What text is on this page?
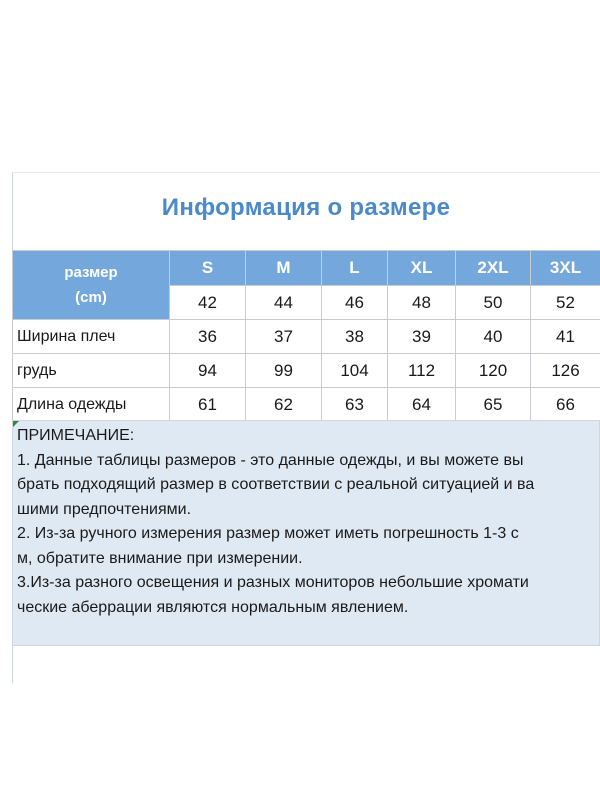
Информация о размере
размер
(cm)	S	M	L	XL	2XL	3XL
	42	44	46	48	50	52
Ширина плеч	36	37	38	39	40	41
грудь	94	99	104	112	120	126
Длина одежды	61	62	63	64	65	66
ПРИМЕЧАНИЕ:
1. Данные таблицы размеров - это данные одежды, и вы можете вы
брать подходящий размер в соответствии с реальной ситуацией и ва
шими предпочтениями.
2. Из-за ручного измерения размер может иметь погрешность 1-3 с
м, обратите внимание при измерении.
3.Из-за разного освещения и разных мониторов небольшие хромати
ческие аберрации являются нормальным явлением.
